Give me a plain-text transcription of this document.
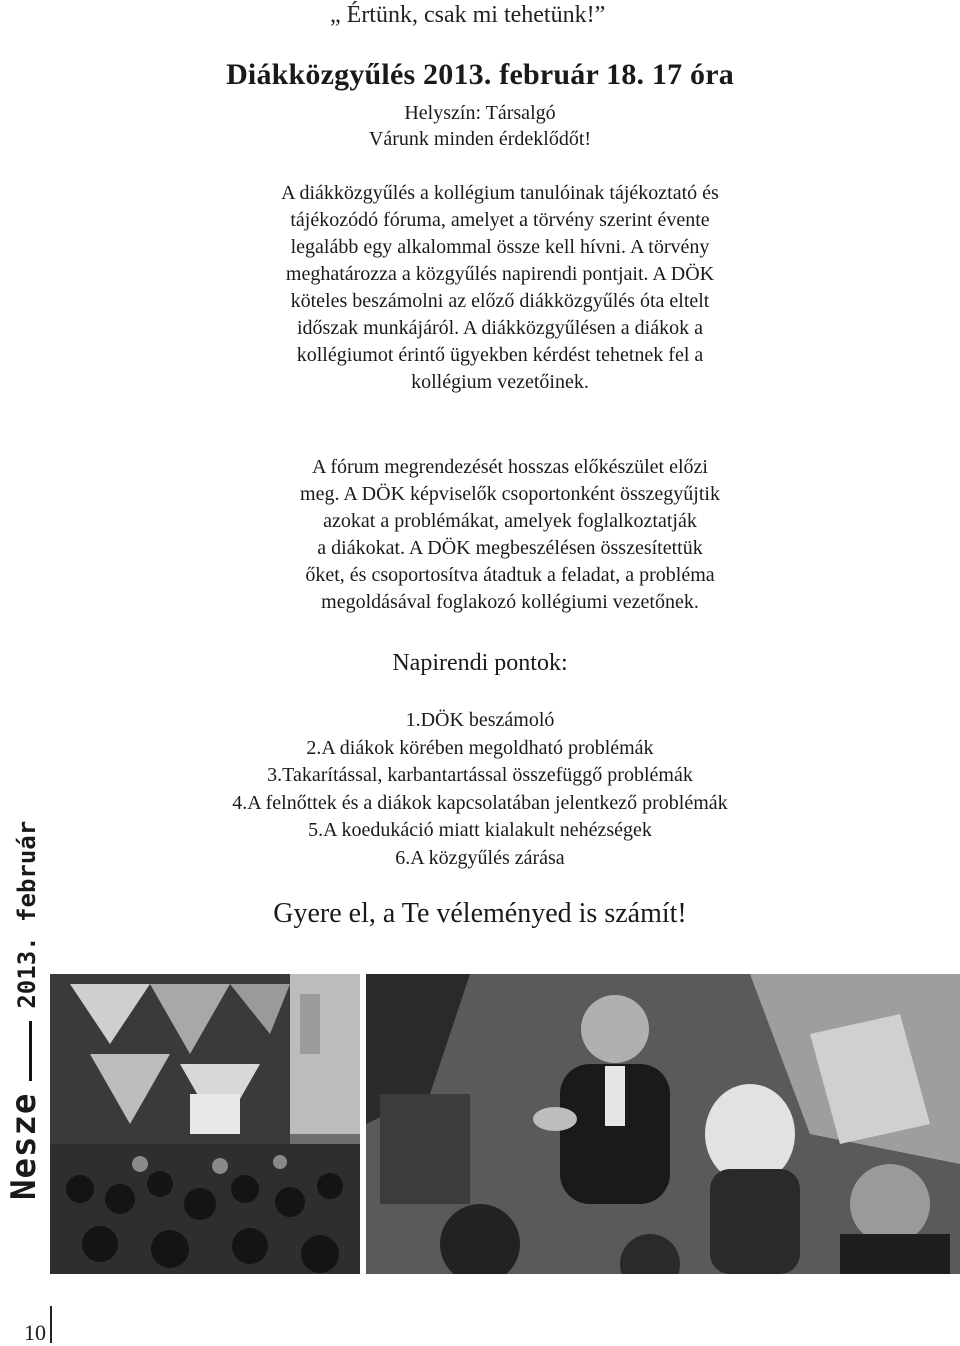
„ Értünk, csak mi tehetünk!”
Diákközgyűlés 2013. február 18. 17 óra
Helyszín: Társalgó
Várunk minden érdeklődőt!
A diákközgyűlés a kollégium tanulóinak tájékoztató és
tájékozódó fóruma, amelyet a törvény szerint évente
legalább egy alkalommal össze kell hívni. A törvény
meghatározza a közgyűlés napirendi pontjait. A DÖK
köteles beszámolni az előző diákközgyűlés óta eltelt
időszak munkájáról. A diákközgyűlésen a diákok a
kollégiumot érintő ügyekben kérdést tehetnek fel a
kollégium vezetőinek.
A fórum megrendezését hosszas előkészület előzi
meg. A DÖK képviselők csoportonként összegyűjtik
azokat a problémákat, amelyek foglalkoztatják
a diákokat. A DÖK megbeszélésen összesítettük
őket, és csoportosítva átadtuk a feladat, a probléma
megoldásával foglakozó kollégiumi vezetőnek.
Napirendi pontok:
1.DÖK beszámoló
2.A diákok körében megoldható problémák
3.Takarítással, karbantartással összefüggő problémák
4.A felnőttek és a diákok kapcsolatában jelentkező problémák
5.A koedukáció miatt kialakult nehézségek
6.A közgyűlés zárása
Gyere el, a Te véleményed is számít!
Nesze2013. február
10
